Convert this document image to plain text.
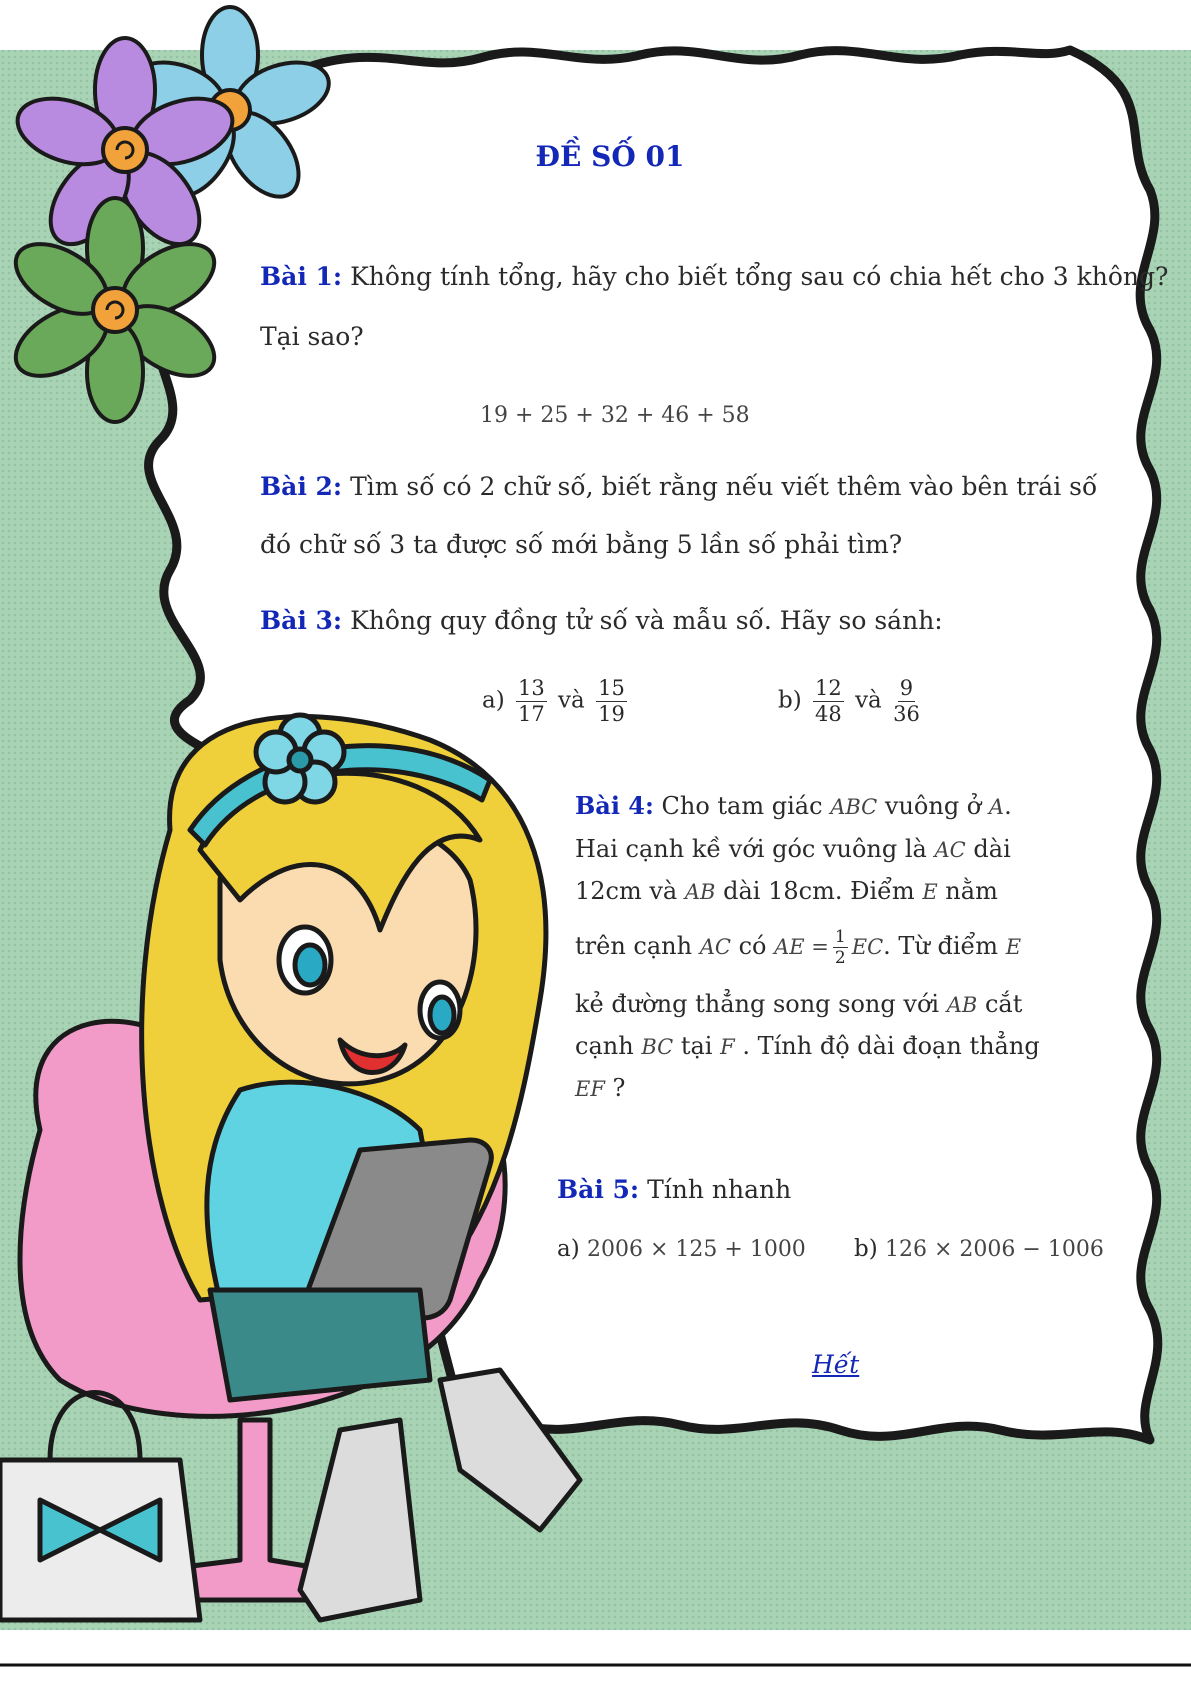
ĐỀ SỐ 01
Bài 1: Không tính tổng, hãy cho biết tổng sau có chia hết cho 3 không?
Tại sao?
19 + 25 + 32 + 46 + 58
Bài 2: Tìm số có 2 chữ số, biết rằng nếu viết thêm vào bên trái số
đó chữ số 3 ta được số mới bằng 5 lần số phải tìm?
Bài 3: Không quy đồng tử số và mẫu số. Hãy so sánh:
$a) \frac{13}{17}$ và $\frac{15}{19}$	$b) \frac{12}{48}$ và $\frac{9}{36}$
Bài 4: Cho tam giác ABC vuông ở A.
Hai cạnh kề với góc vuông là AC dài
12cm và AB dài 18cm. Điểm E nằm
trên cạnh AC có AE = $\frac{1}{2}$ EC. Từ điểm E
kẻ đường thẳng song song với AB cắt
cạnh BC tại F . Tính độ dài đoạn thẳng
EF ?
Bài 5: Tính nhanh
a) 2006 × 125 + 1000 b) 126 × 2006 − 1006
Hết
